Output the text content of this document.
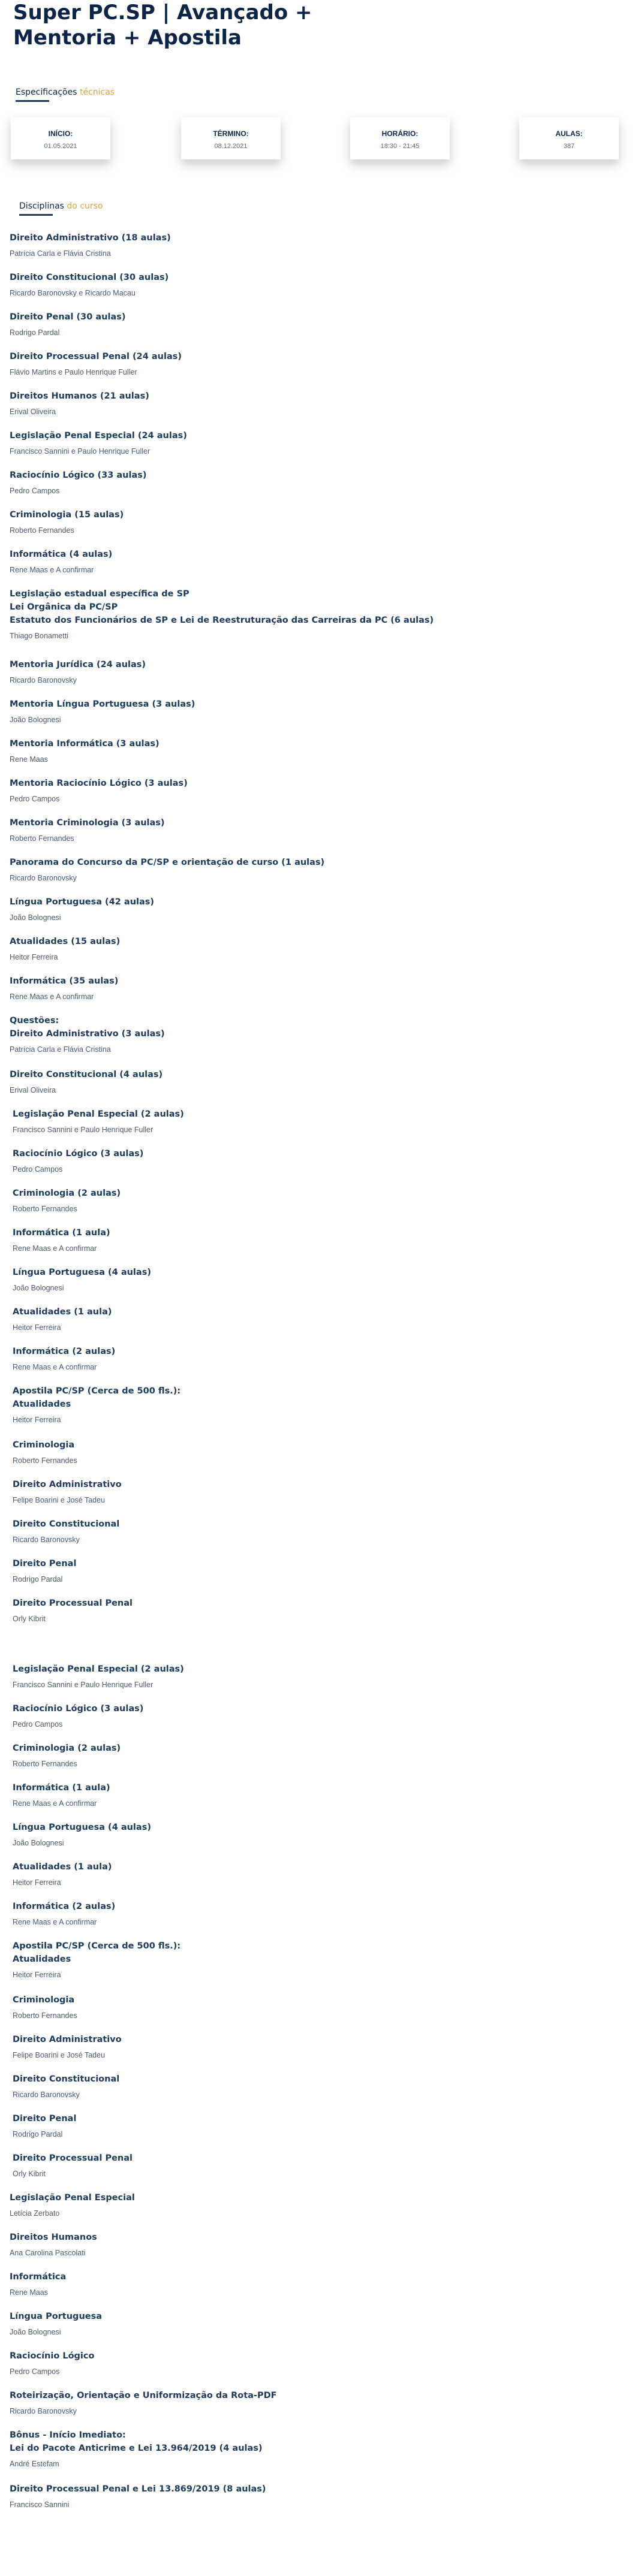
Super PC.SP | Avançado + Mentoria + Apostila
Especificações técnicas
INÍCIO:
01.05.2021
TÉRMINO:
08.12.2021
HORÁRIO:
18:30 - 21:45
AULAS:
387
Disciplinas do curso
Direito Administrativo (18 aulas)
Patrícia Carla e Flávia Cristina
Direito Constitucional (30 aulas)
Ricardo Baronovsky e Ricardo Macau
Direito Penal (30 aulas)
Rodrigo Pardal
Direito Processual Penal (24 aulas)
Flávio Martins e Paulo Henrique Fuller
Direitos Humanos (21 aulas)
Erival Oliveira
Legislação Penal Especial (24 aulas)
Francisco Sannini e Paulo Henrique Fuller
Raciocínio Lógico (33 aulas)
Pedro Campos
Criminologia (15 aulas)
Roberto Fernandes
Informática (4 aulas)
Rene Maas e A confirmar
Legislação estadual específica de SP
Lei Orgânica da PC/SP
Estatuto dos Funcionários de SP e Lei de Reestruturação das Carreiras da PC (6 aulas)
Thiago Bonametti
Mentoria Jurídica (24 aulas)
Ricardo Baronovsky
Mentoria Língua Portuguesa (3 aulas)
João Bolognesi
Mentoria Informática (3 aulas)
Rene Maas
Mentoria Raciocínio Lógico (3 aulas)
Pedro Campos
Mentoria Criminologia (3 aulas)
Roberto Fernandes
Panorama do Concurso da PC/SP e orientação de curso (1 aulas)
Ricardo Baronovsky
Língua Portuguesa (42 aulas)
João Bolognesi
Atualidades (15 aulas)
Heitor Ferreira
Informática (35 aulas)
Rene Maas e A confirmar
Questões:
Direito Administrativo (3 aulas)
Patrícia Carla e Flávia Cristina
Direito Constitucional (4 aulas)
Erival Oliveira
Legislação Penal Especial (2 aulas)
Francisco Sannini e Paulo Henrique Fuller
Raciocínio Lógico (3 aulas)
Pedro Campos
Criminologia (2 aulas)
Roberto Fernandes
Informática (1 aula)
Rene Maas e A confirmar
Língua Portuguesa (4 aulas)
João Bolognesi
Atualidades (1 aula)
Heitor Ferreira
Informática (2 aulas)
Rene Maas e A confirmar
Apostila PC/SP (Cerca de 500 fls.):
Atualidades
Heitor Ferreira
Criminologia
Roberto Fernandes
Direito Administrativo
Felipe Boarini e José Tadeu
Direito Constitucional
Ricardo Baronovsky
Direito Penal
Rodrigo Pardal
Direito Processual Penal
Orly Kibrit
Legislação Penal Especial (2 aulas)
Francisco Sannini e Paulo Henrique Fuller
Raciocínio Lógico (3 aulas)
Pedro Campos
Criminologia (2 aulas)
Roberto Fernandes
Informática (1 aula)
Rene Maas e A confirmar
Língua Portuguesa (4 aulas)
João Bolognesi
Atualidades (1 aula)
Heitor Ferreira
Informática (2 aulas)
Rene Maas e A confirmar
Apostila PC/SP (Cerca de 500 fls.):
Atualidades
Heitor Ferreira
Criminologia
Roberto Fernandes
Direito Administrativo
Felipe Boarini e José Tadeu
Direito Constitucional
Ricardo Baronovsky
Direito Penal
Rodrigo Pardal
Direito Processual Penal
Orly Kibrit
Legislação Penal Especial
Letícia Zerbato
Direitos Humanos
Ana Carolina Pascolati
Informática
Rene Maas
Língua Portuguesa
João Bolognesi
Raciocínio Lógico
Pedro Campos
Roteirização, Orientação e Uniformização da Rota-PDF
Ricardo Baronovsky
Bônus - Início Imediato:
Lei do Pacote Anticrime e Lei 13.964/2019 (4 aulas)
André Estefam
Direito Processual Penal e Lei 13.869/2019 (8 aulas)
Francisco Sannini
